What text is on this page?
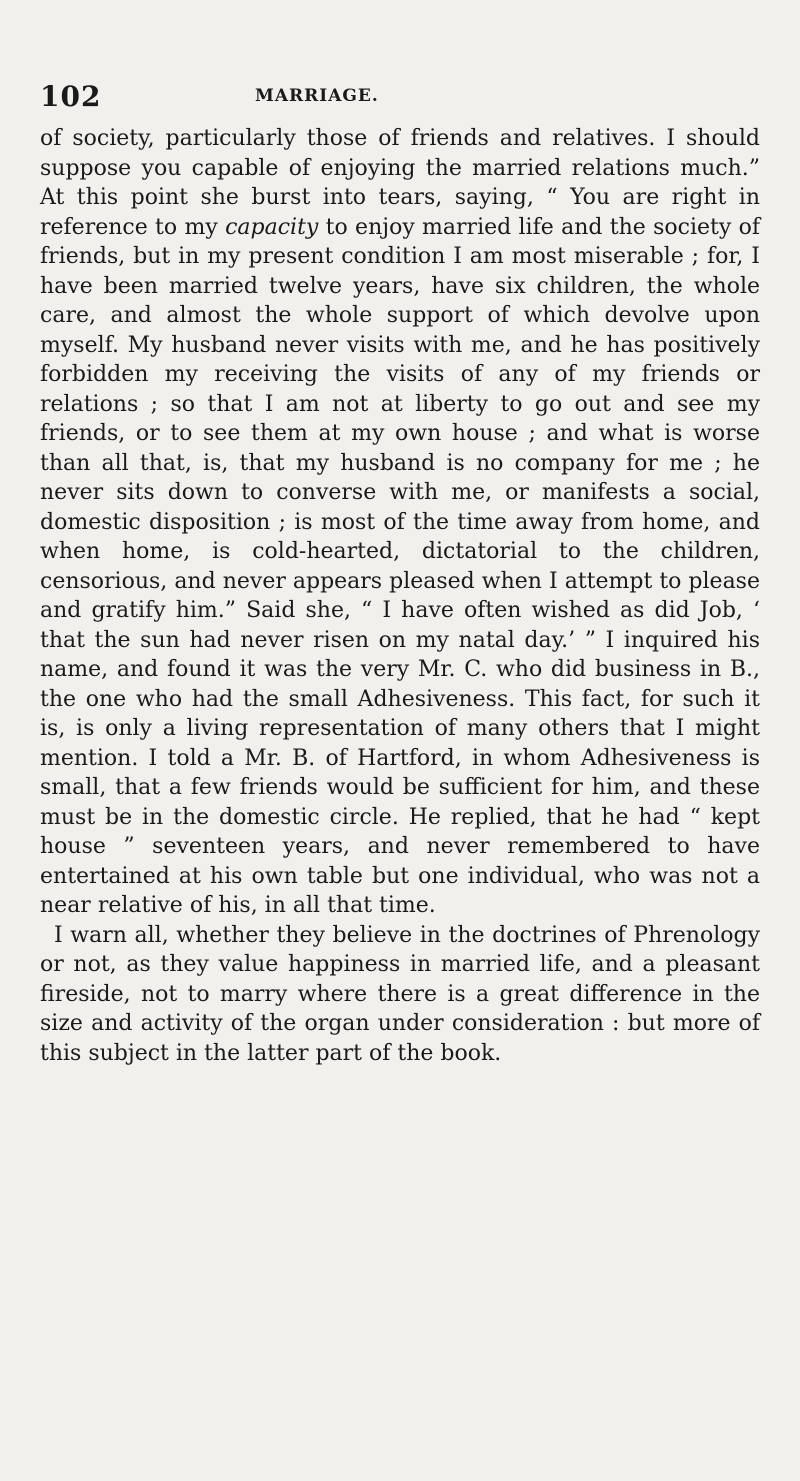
102	MARRIAGE.

of society, particularly those of friends and relatives. I should suppose you capable of enjoying the married relations much.” At this point she burst into tears, saying, “ You are right in reference to my capacity to enjoy married life and the society of friends, but in my present condition I am most miserable ; for, I have been married twelve years, have six children, the whole care, and almost the whole support of which devolve upon myself. My husband never visits with me, and he has positively forbidden my receiving the visits of any of my friends or relations ; so that I am not at liberty to go out and see my friends, or to see them at my own house ; and what is worse than all that, is, that my husband is no company for me ; he never sits down to converse with me, or manifests a social, domestic disposition ; is most of the time away from home, and when home, is cold-hearted, dictatorial to the children, censorious, and never appears pleased when I attempt to please and gratify him.” Said she, “ I have often wished as did Job, ‘ that the sun had never risen on my natal day.’ ” I inquired his name, and found it was the very Mr. C. who did business in B., the one who had the small Adhesiveness. This fact, for such it is, is only a living representation of many others that I might mention. I told a Mr. B. of Hartford, in whom Adhesiveness is small, that a few friends would be sufficient for him, and these must be in the domestic circle. He replied, that he had “ kept house ” seventeen years, and never remembered to have entertained at his own table but one individual, who was not a near relative of his, in all that time.

I warn all, whether they believe in the doctrines of Phrenology or not, as they value happiness in married life, and a pleasant fireside, not to marry where there is a great difference in the size and activity of the organ under consideration : but more of this subject in the latter part of the book.
